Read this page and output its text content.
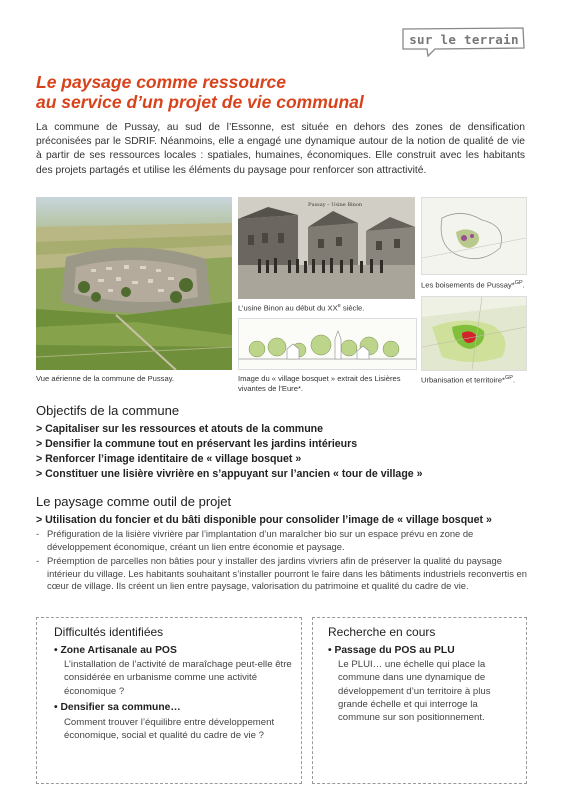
sur le terrain
Le paysage comme ressource
au service d’un projet de vie communal
La commune de Pussay, au sud de l’Essonne, est située en dehors des zones de densification préconisées par le SDRIF. Néanmoins, elle a engagé une dynamique autour de la notion de qualité de vie à partir de ses ressources locales : spatiales, humaines, économiques. Elle construit avec les habitants des projets partagés et utilise les éléments du paysage pour renforcer son attractivité.
Vue aérienne de la commune de Pussay.
Pussay – Usine Binon
L’usine Binon au début du XXe siècle.
Image du « village bosquet » extrait des Lisières vivantes de l’Eure*.
Les boisements de Pussay*$^{GP}$.
Urbanisation et territoire*$^{GP}$.
Objectifs de la commune
> Capitaliser sur les ressources et atouts de la commune
> Densifier la commune tout en préservant les jardins intérieurs
> Renforcer l’image identitaire de « village bosquet »
> Constituer une lisière vivrière en s’appuyant sur l’ancien « tour de village »
Le paysage comme outil de projet
> Utilisation du foncier et du bâti disponible pour consolider l’image de « village bosquet »
- Préfiguration de la lisière vivrière par l’implantation d’un maraîcher bio sur un espace prévu en zone de développement économique, créant un lien entre économie et paysage.
- Préemption de parcelles non bâties pour y installer des jardins vivriers afin de préserver la qualité du paysage intérieur du village. Les habitants souhaitant s’installer pourront le faire dans les bâtiments industriels reconvertis en cœur de village. Ils créent un lien entre paysage, valorisation du patrimoine et qualité du cadre de vie.
Difficultés identifiées
• Zone Artisanale au POS
L’installation de l’activité de maraîchage peut-elle être considérée en urbanisme comme une activité économique ?
• Densifier sa commune…
Comment trouver l’équilibre entre développement économique, social et qualité du cadre de vie ?
Recherche en cours
• Passage du POS au PLU
Le PLUI… une échelle qui place la commune dans une dynamique de développement d’un territoire à plus grande échelle et qui interroge la commune sur son positionnement.
